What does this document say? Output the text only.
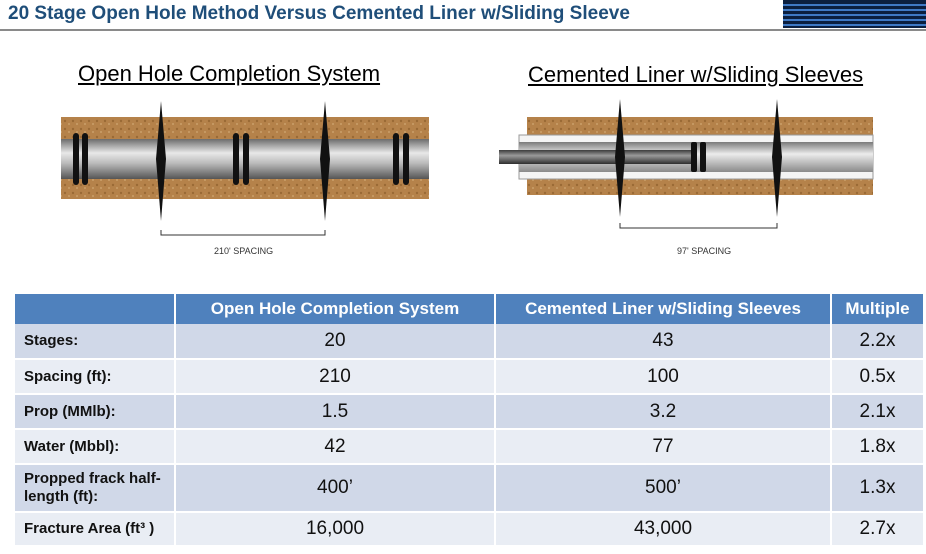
20 Stage Open Hole Method Versus Cemented Liner w/Sliding Sleeve
Open Hole Completion System
210' SPACING
Cemented Liner w/Sliding Sleeves
97' SPACING
	Open Hole Completion System	Cemented Liner w/Sliding Sleeves	Multiple
Stages:	20	43	2.2x
Spacing (ft):	210	100	0.5x
Prop (MMlb):	1.5	3.2	2.1x
Water (Mbbl):	42	77	1.8x
Propped frack half-length (ft):	400’	500’	1.3x
Fracture Area (ft³ )	16,000	43,000	2.7x
